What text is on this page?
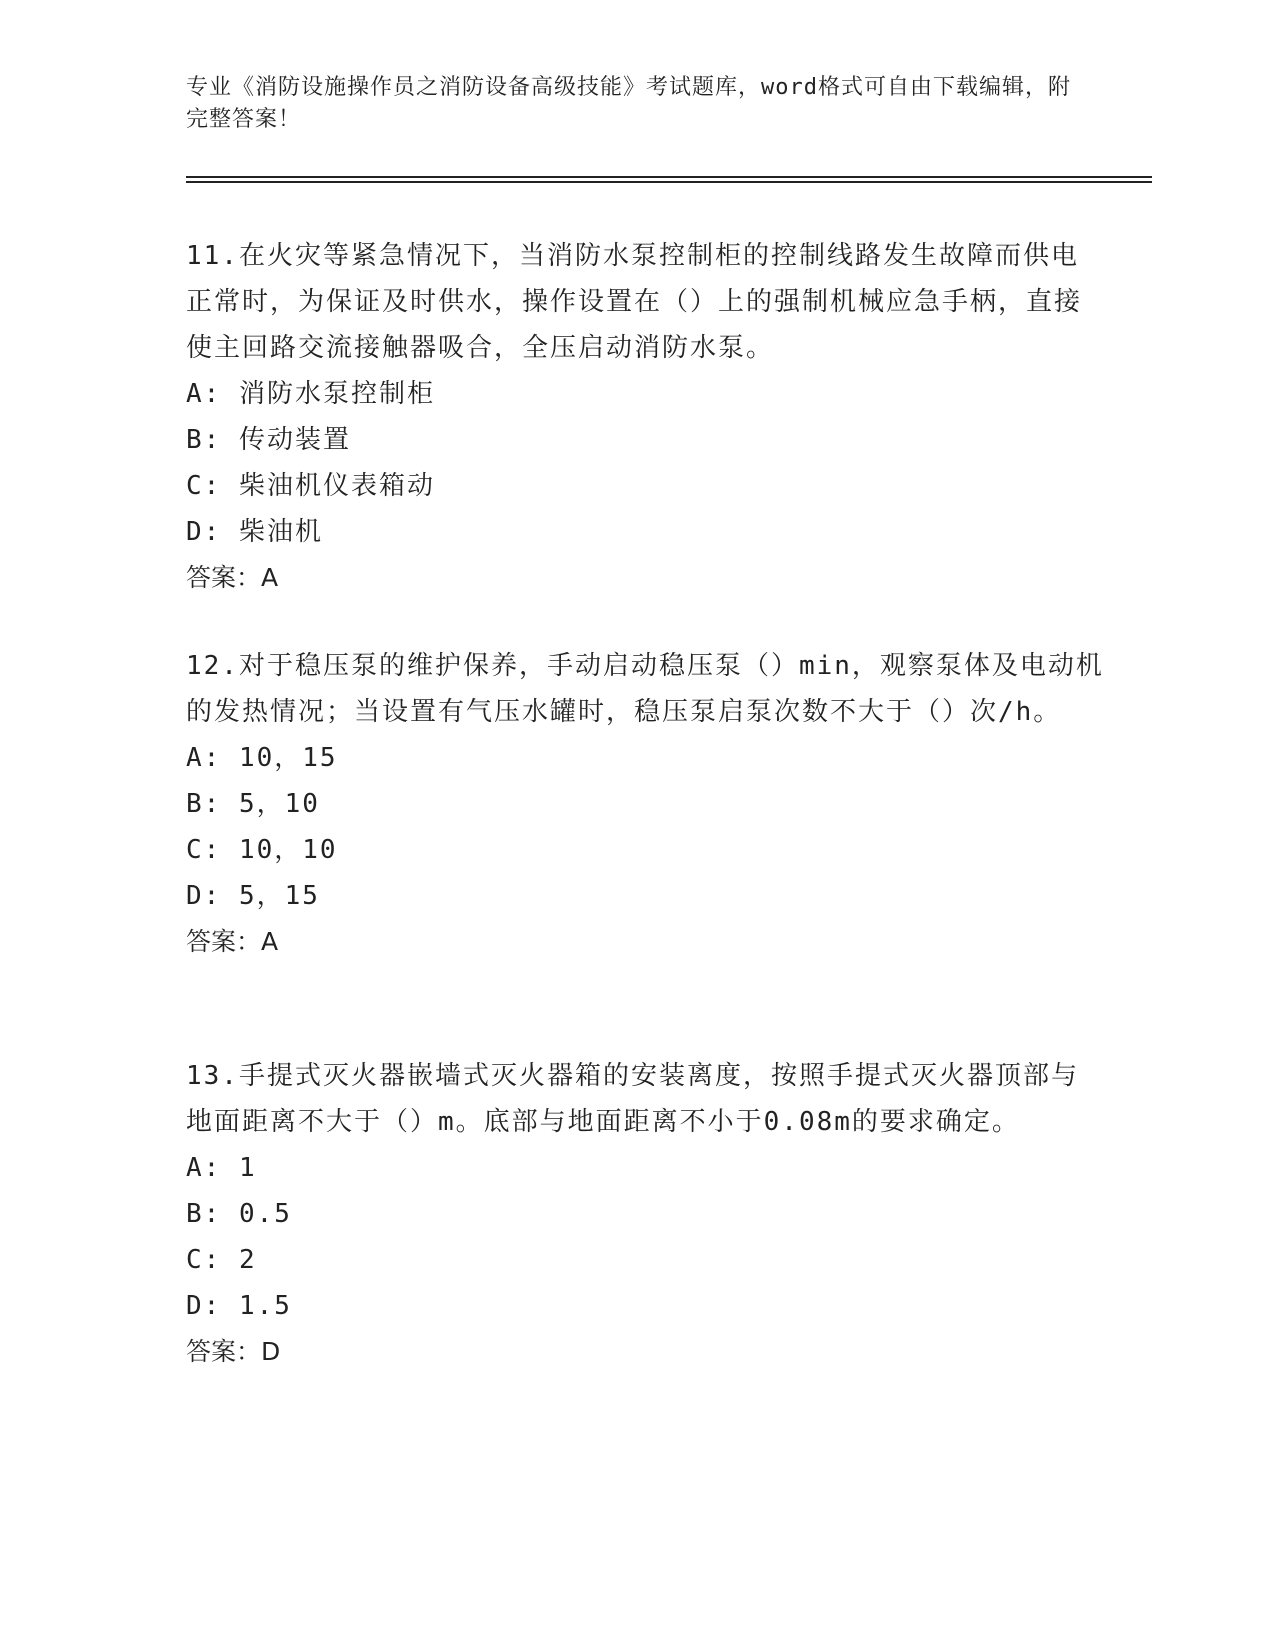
专业《消防设施操作员之消防设备高级技能》考试题库，word格式可自由下载编辑，附完整答案！

11.在火灾等紧急情况下，当消防水泵控制柜的控制线路发生故障而供电正常时，为保证及时供水，操作设置在（）上的强制机械应急手柄，直接使主回路交流接触器吸合，全压启动消防水泵。

A: 消防水泵控制柜

B: 传动装置

C: 柴油机仪表箱动

D: 柴油机

答案：A

12.对于稳压泵的维护保养，手动启动稳压泵（）min，观察泵体及电动机的发热情况；当设置有气压水罐时，稳压泵启泵次数不大于（）次/h。

A: 10，15

B: 5，10

C: 10，10

D: 5，15

答案：A

13.手提式灭火器嵌墙式灭火器箱的安装离度，按照手提式灭火器顶部与地面距离不大于（）m。底部与地面距离不小于0.08m的要求确定。

A: 1

B: 0.5

C: 2

D: 1.5

答案：D
